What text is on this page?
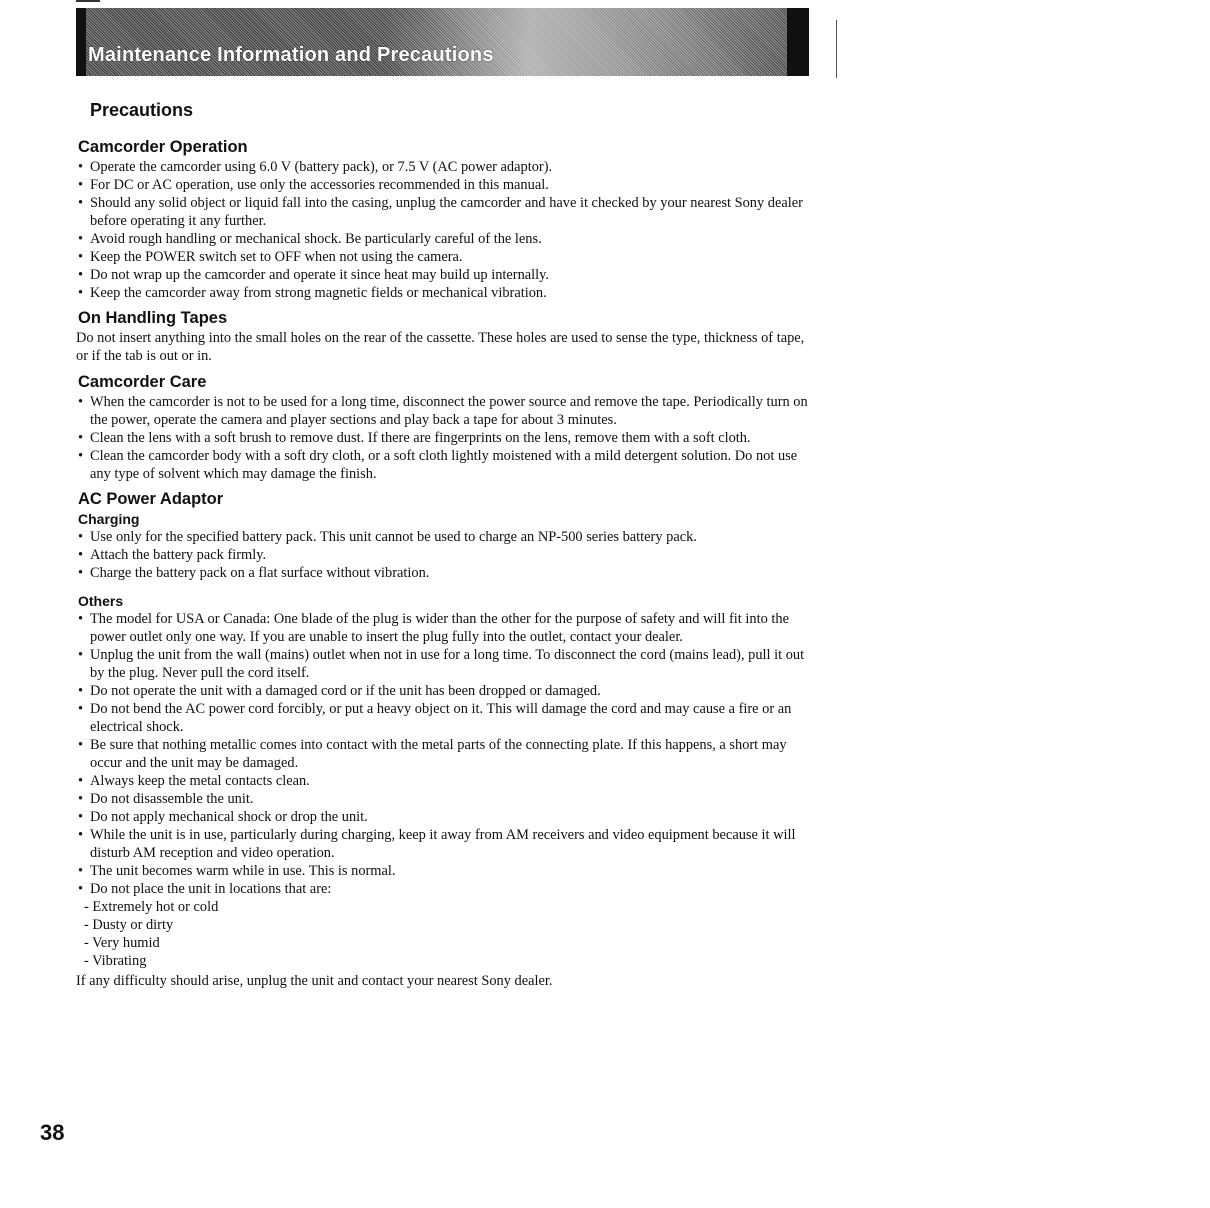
Maintenance Information and Precautions
Precautions
Camcorder Operation
• Operate the camcorder using 6.0 V (battery pack), or 7.5 V (AC power adaptor).
• For DC or AC operation, use only the accessories recommended in this manual.
• Should any solid object or liquid fall into the casing, unplug the camcorder and have it checked by your nearest Sony dealer before operating it any further.
• Avoid rough handling or mechanical shock. Be particularly careful of the lens.
• Keep the POWER switch set to OFF when not using the camera.
• Do not wrap up the camcorder and operate it since heat may build up internally.
• Keep the camcorder away from strong magnetic fields or mechanical vibration.
On Handling Tapes

Do not insert anything into the small holes on the rear of the cassette. These holes are used to sense the type, thickness of tape, or if the tab is out or in.

Camcorder Care
• When the camcorder is not to be used for a long time, disconnect the power source and remove the tape. Periodically turn on the power, operate the camera and player sections and play back a tape for about 3 minutes.
• Clean the lens with a soft brush to remove dust. If there are fingerprints on the lens, remove them with a soft cloth.
• Clean the camcorder body with a soft dry cloth, or a soft cloth lightly moistened with a mild detergent solution. Do not use any type of solvent which may damage the finish.
AC Power Adaptor
Charging
• Use only for the specified battery pack. This unit cannot be used to charge an NP-500 series battery pack.
• Attach the battery pack firmly.
• Charge the battery pack on a flat surface without vibration.
Others
• The model for USA or Canada: One blade of the plug is wider than the other for the purpose of safety and will fit into the power outlet only one way. If you are unable to insert the plug fully into the outlet, contact your dealer.
• Unplug the unit from the wall (mains) outlet when not in use for a long time. To disconnect the cord (mains lead), pull it out by the plug. Never pull the cord itself.
• Do not operate the unit with a damaged cord or if the unit has been dropped or damaged.
• Do not bend the AC power cord forcibly, or put a heavy object on it. This will damage the cord and may cause a fire or an electrical shock.
• Be sure that nothing metallic comes into contact with the metal parts of the connecting plate. If this happens, a short may occur and the unit may be damaged.
• Always keep the metal contacts clean.
• Do not disassemble the unit.
• Do not apply mechanical shock or drop the unit.
• While the unit is in use, particularly during charging, keep it away from AM receivers and video equipment because it will disturb AM reception and video operation.
• The unit becomes warm while in use. This is normal.
• Do not place the unit in locations that are:
- Extremely hot or cold
- Dusty or dirty
- Very humid
- Vibrating

If any difficulty should arise, unplug the unit and contact your nearest Sony dealer.

38
